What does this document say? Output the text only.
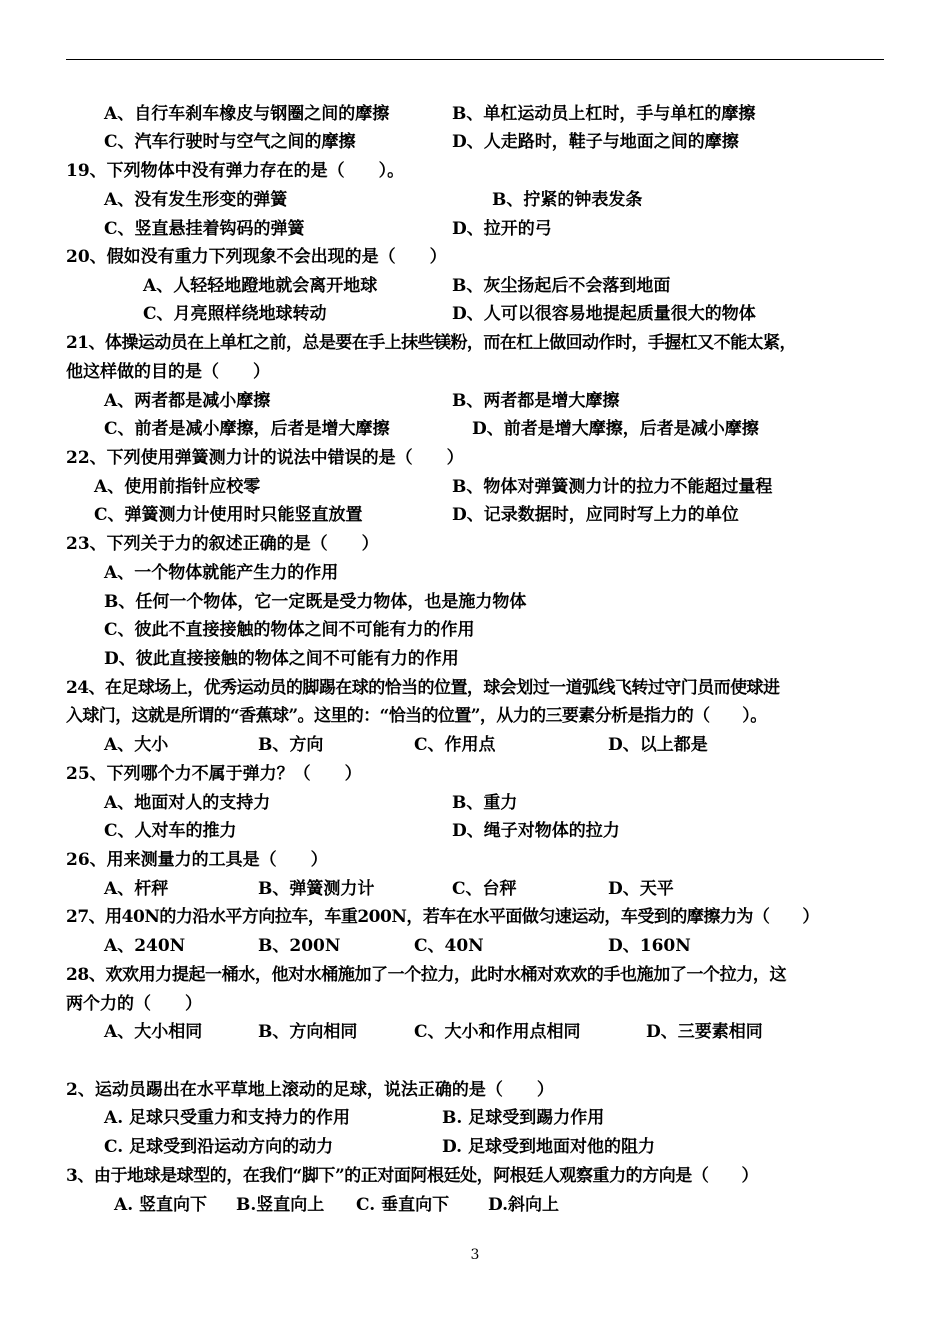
A、自行车刹车橡皮与钢圈之间的摩擦	B、单杠运动员上杠时，手与单杠的摩擦
C、汽车行驶时与空气之间的摩擦	D、人走路时，鞋子与地面之间的摩擦
19、下列物体中没有弹力存在的是（　　）。
A、没有发生形变的弹簧	B、拧紧的钟表发条
C、竖直悬挂着钩码的弹簧	D、拉开的弓
20、假如没有重力下列现象不会出现的是（　　）
A、人轻轻地蹬地就会离开地球	B、灰尘扬起后不会落到地面
C、月亮照样绕地球转动	D、人可以很容易地提起质量很大的物体
21、体操运动员在上单杠之前，总是要在手上抹些镁粉，而在杠上做回动作时，手握杠又不能太紧，
他这样做的目的是（　　）
A、两者都是减小摩擦	B、两者都是增大摩擦
C、前者是减小摩擦，后者是增大摩擦	D、前者是增大摩擦，后者是减小摩擦
22、下列使用弹簧测力计的说法中错误的是（　　）
A、使用前指针应校零	B、物体对弹簧测力计的拉力不能超过量程
C、弹簧测力计使用时只能竖直放置	D、记录数据时，应同时写上力的单位
23、下列关于力的叙述正确的是（　　）
A、一个物体就能产生力的作用
B、任何一个物体，它一定既是受力物体，也是施力物体
C、彼此不直接接触的物体之间不可能有力的作用
D、彼此直接接触的物体之间不可能有力的作用
24、在足球场上，优秀运动员的脚踢在球的恰当的位置，球会划过一道弧线飞转过守门员而使球进
入球门，这就是所谓的“香蕉球”。这里的：“恰当的位置”，从力的三要素分析是指力的（　　）。
A、大小	B、方向	C、作用点	D、以上都是
25、下列哪个力不属于弹力？（　　）
A、地面对人的支持力	B、重力
C、人对车的推力	D、绳子对物体的拉力
26、用来测量力的工具是（　　）
A、杆秤	B、弹簧测力计	C、台秤	D、天平
27、用40N的力沿水平方向拉车，车重200N，若车在水平面做匀速运动，车受到的摩擦力为（　　）
A、240N	B、200N	C、40N	D、160N
28、欢欢用力提起一桶水，他对水桶施加了一个拉力，此时水桶对欢欢的手也施加了一个拉力，这
两个力的（　　）
A、大小相同	B、方向相同	C、大小和作用点相同	D、三要素相同
2、运动员踢出在水平草地上滚动的足球，说法正确的是（　　）
A. 足球只受重力和支持力的作用	B. 足球受到踢力作用
C. 足球受到沿运动方向的动力	D. 足球受到地面对他的阻力
3、由于地球是球型的，在我们“脚下”的正对面阿根廷处，阿根廷人观察重力的方向是（　　）
A. 竖直向下 B.竖直向上 C. 垂直向下 D.斜向上
3
